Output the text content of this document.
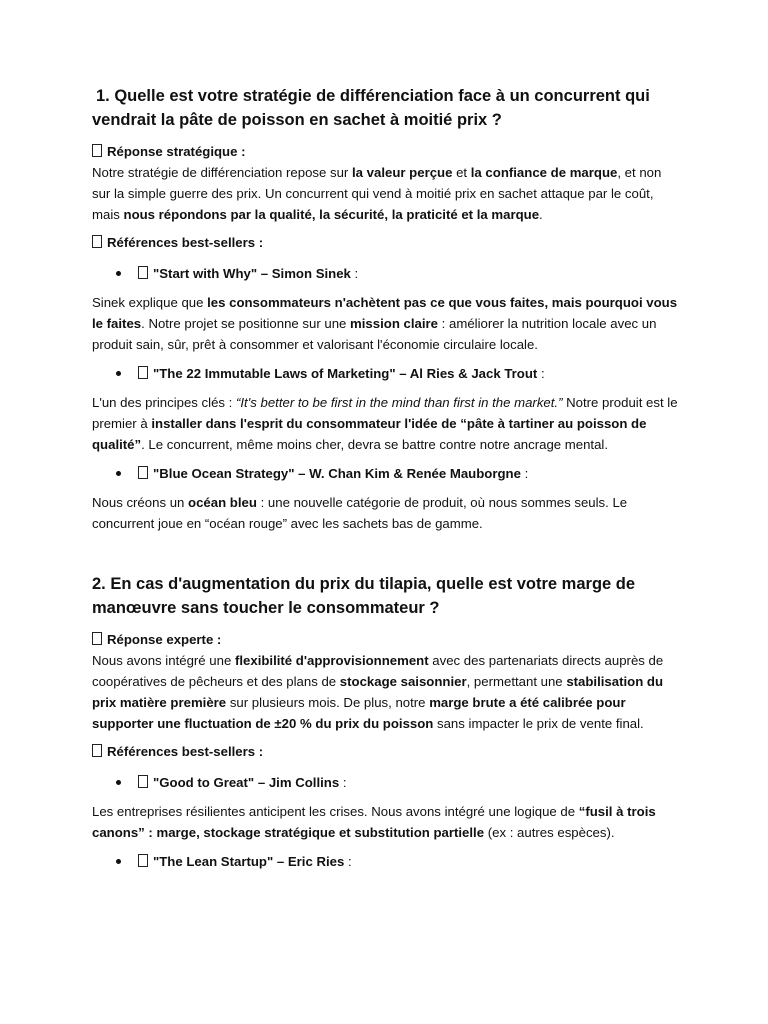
1. Quelle est votre stratégie de différenciation face à un concurrent qui vendrait la pâte de poisson en sachet à moitié prix ?
Réponse stratégique :

Notre stratégie de différenciation repose sur la valeur perçue et la confiance de marque, et non sur la simple guerre des prix. Un concurrent qui vend à moitié prix en sachet attaque par le coût, mais nous répondons par la qualité, la sécurité, la praticité et la marque.

Références best-sellers :
"Start with Why" – Simon Sinek :

Sinek explique que les consommateurs n'achètent pas ce que vous faites, mais pourquoi vous le faites. Notre projet se positionne sur une mission claire : améliorer la nutrition locale avec un produit sain, sûr, prêt à consommer et valorisant l'économie circulaire locale.

"The 22 Immutable Laws of Marketing" – Al Ries & Jack Trout :

L'un des principes clés : “It's better to be first in the mind than first in the market.” Notre produit est le premier à installer dans l'esprit du consommateur l'idée de “pâte à tartiner au poisson de qualité”. Le concurrent, même moins cher, devra se battre contre notre ancrage mental.

"Blue Ocean Strategy" – W. Chan Kim & Renée Mauborgne :

Nous créons un océan bleu : une nouvelle catégorie de produit, où nous sommes seuls. Le concurrent joue en “océan rouge” avec les sachets bas de gamme.

2. En cas d'augmentation du prix du tilapia, quelle est votre marge de manœuvre sans toucher le consommateur ?
Réponse experte :

Nous avons intégré une flexibilité d'approvisionnement avec des partenariats directs auprès de coopératives de pêcheurs et des plans de stockage saisonnier, permettant une stabilisation du prix matière première sur plusieurs mois. De plus, notre marge brute a été calibrée pour supporter une fluctuation de ±20 % du prix du poisson sans impacter le prix de vente final.

Références best-sellers :
"Good to Great" – Jim Collins :

Les entreprises résilientes anticipent les crises. Nous avons intégré une logique de “fusil à trois canons” : marge, stockage stratégique et substitution partielle (ex : autres espèces).

"The Lean Startup" – Eric Ries :
